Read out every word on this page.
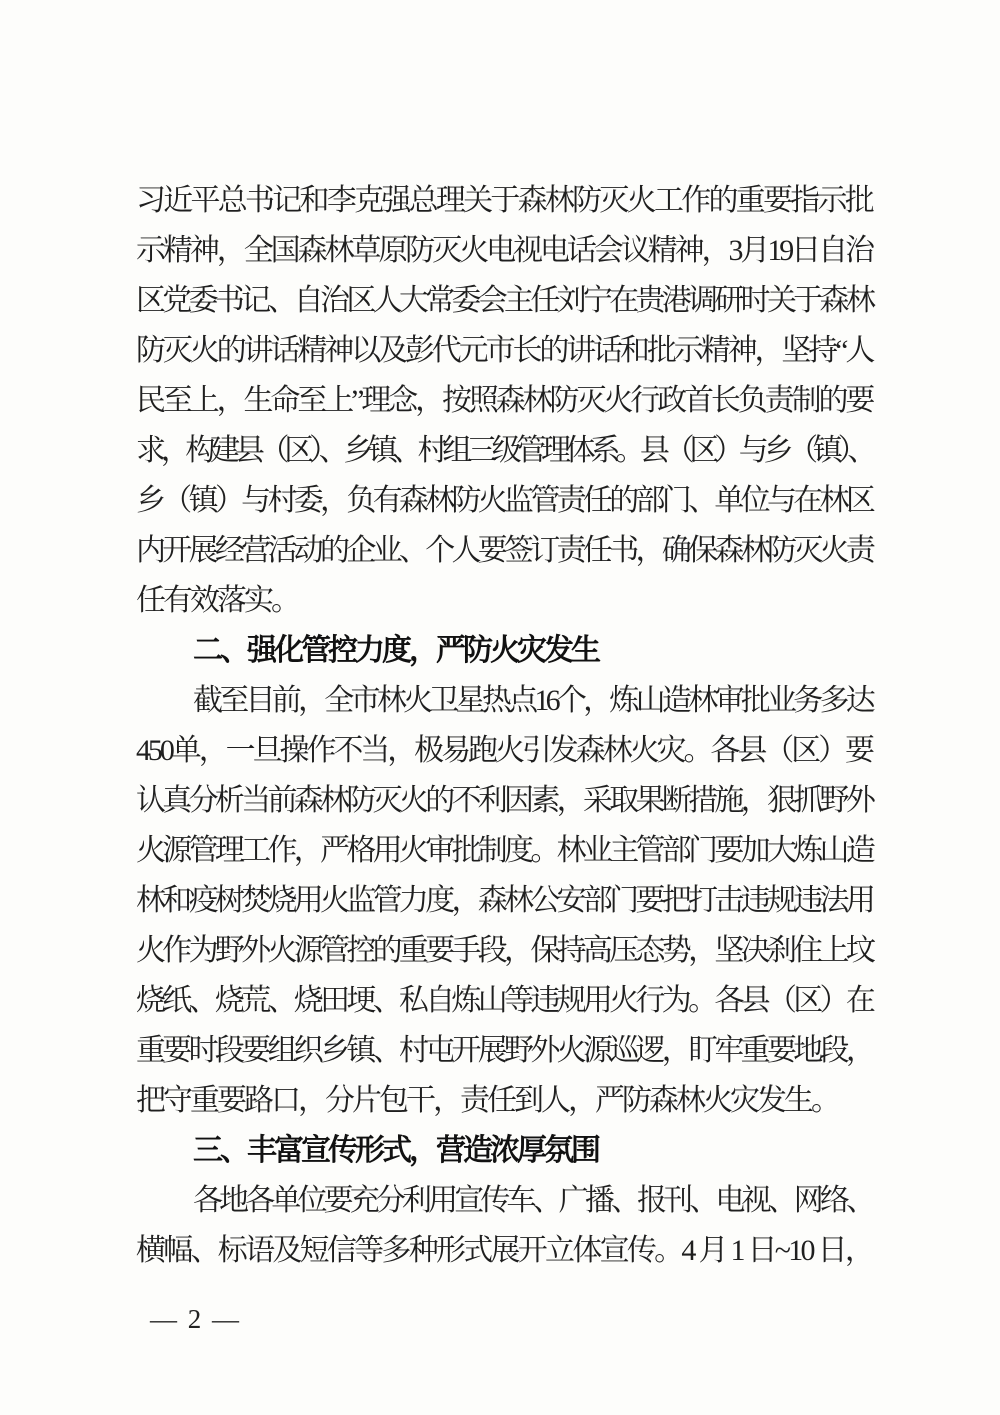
习近平总书记和李克强总理关于森林防灭火工作的重要指示批
示精神，全国森林草原防灭火电视电话会议精神，3月19日自治
区党委书记、自治区人大常委会主任刘宁在贵港调研时关于森林
防灭火的讲话精神以及彭代元市长的讲话和批示精神，坚持“人
民至上，生命至上”理念，按照森林防灭火行政首长负责制的要
求，构建县（区）、乡镇、村组三级管理体系。县（区）与乡（镇）、
乡（镇）与村委，负有森林防火监管责任的部门、单位与在林区
内开展经营活动的企业、个人要签订责任书，确保森林防灭火责
任有效落实。
二、强化管控力度，严防火灾发生
截至目前，全市林火卫星热点16个，炼山造林审批业务多达
450单，一旦操作不当，极易跑火引发森林火灾。各县（区）要
认真分析当前森林防灭火的不利因素，采取果断措施，狠抓野外
火源管理工作，严格用火审批制度。林业主管部门要加大炼山造
林和疫树焚烧用火监管力度，森林公安部门要把打击违规违法用
火作为野外火源管控的重要手段，保持高压态势，坚决刹住上坟
烧纸、烧荒、烧田埂、私自炼山等违规用火行为。各县（区）在
重要时段要组织乡镇、村屯开展野外火源巡逻，盯牢重要地段，
把守重要路口，分片包干，责任到人，严防森林火灾发生。
三、丰富宣传形式，营造浓厚氛围
各地各单位要充分利用宣传车、广播、报刊、电视、网络、
横幅、标语及短信等多种形式展开立体宣传。4 月 1 日~10 日，
— 2 —
